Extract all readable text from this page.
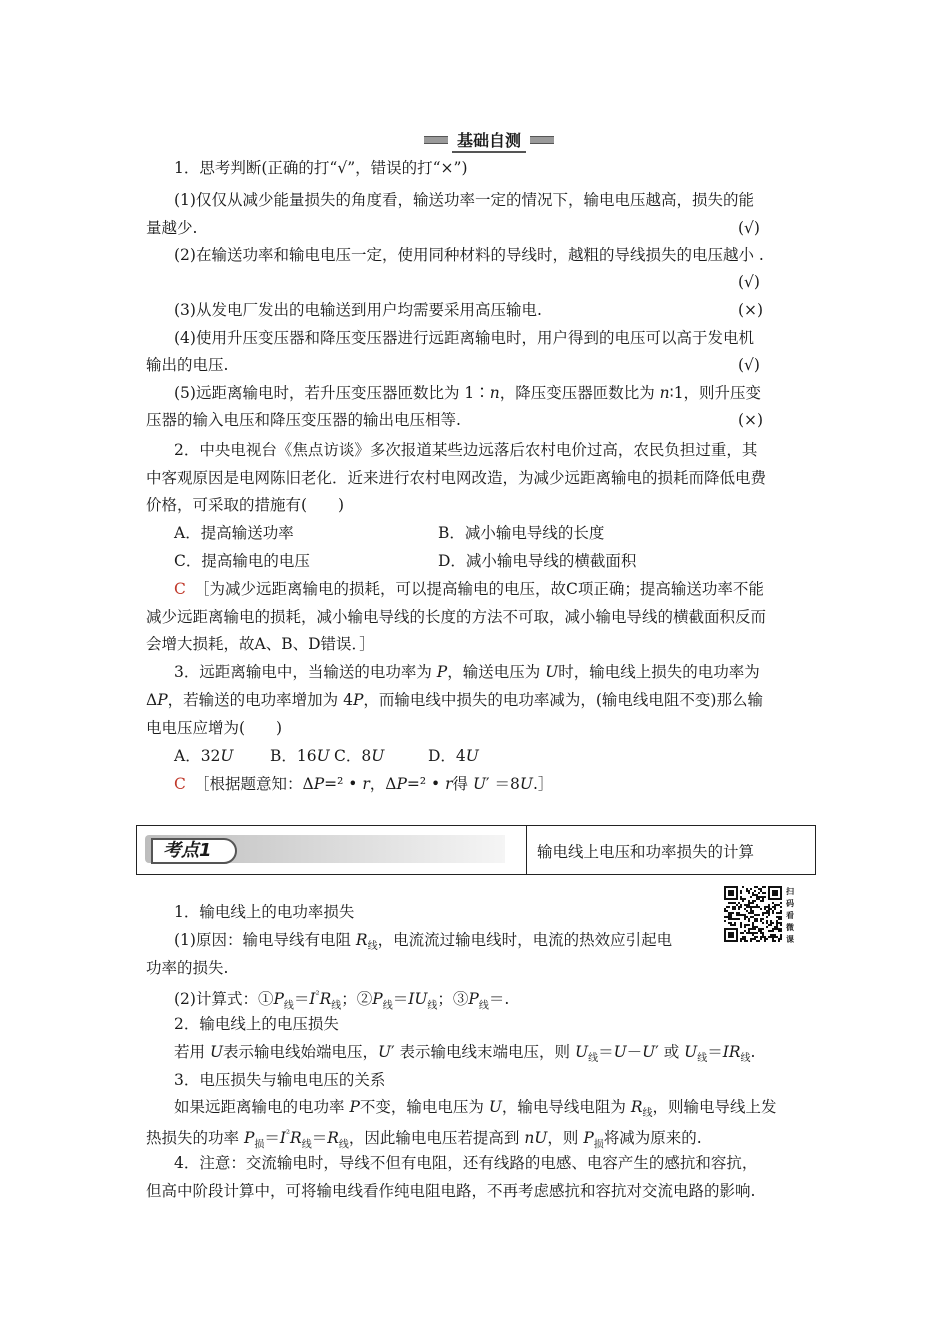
基础自测
1．思考判断(正确的打“√”，错误的打“×”)
(1)仅仅从减少能量损失的角度看，输送功率一定的情况下，输电电压越高，损失的能
量越少.	(√)
(2)在输送功率和输电电压一定，使用同种材料的导线时，越粗的导线损失的电压越小 .
(√)
(3)从发电厂发出的电输送到用户均需要采用高压输电.	(×)
(4)使用升压变压器和降压变压器进行远距离输电时，用户得到的电压可以高于发电机
输出的电压.	(√)
(5)远距离输电时，若升压变压器匝数比为 1∶n，降压变压器匝数比为 n∶1，则升压变
压器的输入电压和降压变压器的输出电压相等.	(×)
2．中央电视台《焦点访谈》多次报道某些边远落后农村电价过高，农民负担过重，其
中客观原因是电网陈旧老化．近来进行农村电网改造，为减少远距离输电的损耗而降低电费
价格，可采取的措施有(　　)
A．提高输送功率	B．减小输电导线的长度
C．提高输电的电压	D．减小输电导线的横截面积
C ［为减少远距离输电的损耗，可以提高输电的电压，故C项正确；提高输送功率不能
减少远距离输电的损耗，减小输电导线的长度的方法不可取，减小输电导线的横截面积反而
会增大损耗，故A、B、D错误．］
3．远距离输电中，当输送的电功率为 P，输送电压为 U时，输电线上损失的电功率为
ΔP，若输送的电功率增加为 4P，而输电线中损失的电功率减为，(输电线电阻不变)那么输
电电压应增为(　　)
A．32U B．16U C．8U	D．4U
C ［根据题意知：ΔP=² • r，ΔP=² • r得 U′ ＝8U.］
考点1	输电线上电压和功率损失的计算
扫
码
看
微
课
1．输电线上的电功率损失
(1)原因：输电导线有电阻 $R_线$，电流流过输电线时，电流的热效应引起电
功率的损失.
(2)计算式：$①P_线=I^{^2}R_线$；$②P_线=IU_线$；$③P_线=$.
2．输电线上的电压损失
若用 U表示输电线始端电压，U′ 表示输电线末端电压，则 $U_线=U-U'$ 或 $U_线=IR_线$.
3．电压损失与输电电压的关系
如果远距离输电的电功率 P不变，输电电压为 U，输电导线电阻为 $R_线$，则输电导线上发
热损失的功率 $P_损=I^{^2}R_线=R_线$，因此输电电压若提高到 nU，则 $P_损$将减为原来的.
4．注意：交流输电时，导线不但有电阻，还有线路的电感、电容产生的感抗和容抗，
但高中阶段计算中，可将输电线看作纯电阻电路，不再考虑感抗和容抗对交流电路的影响.
